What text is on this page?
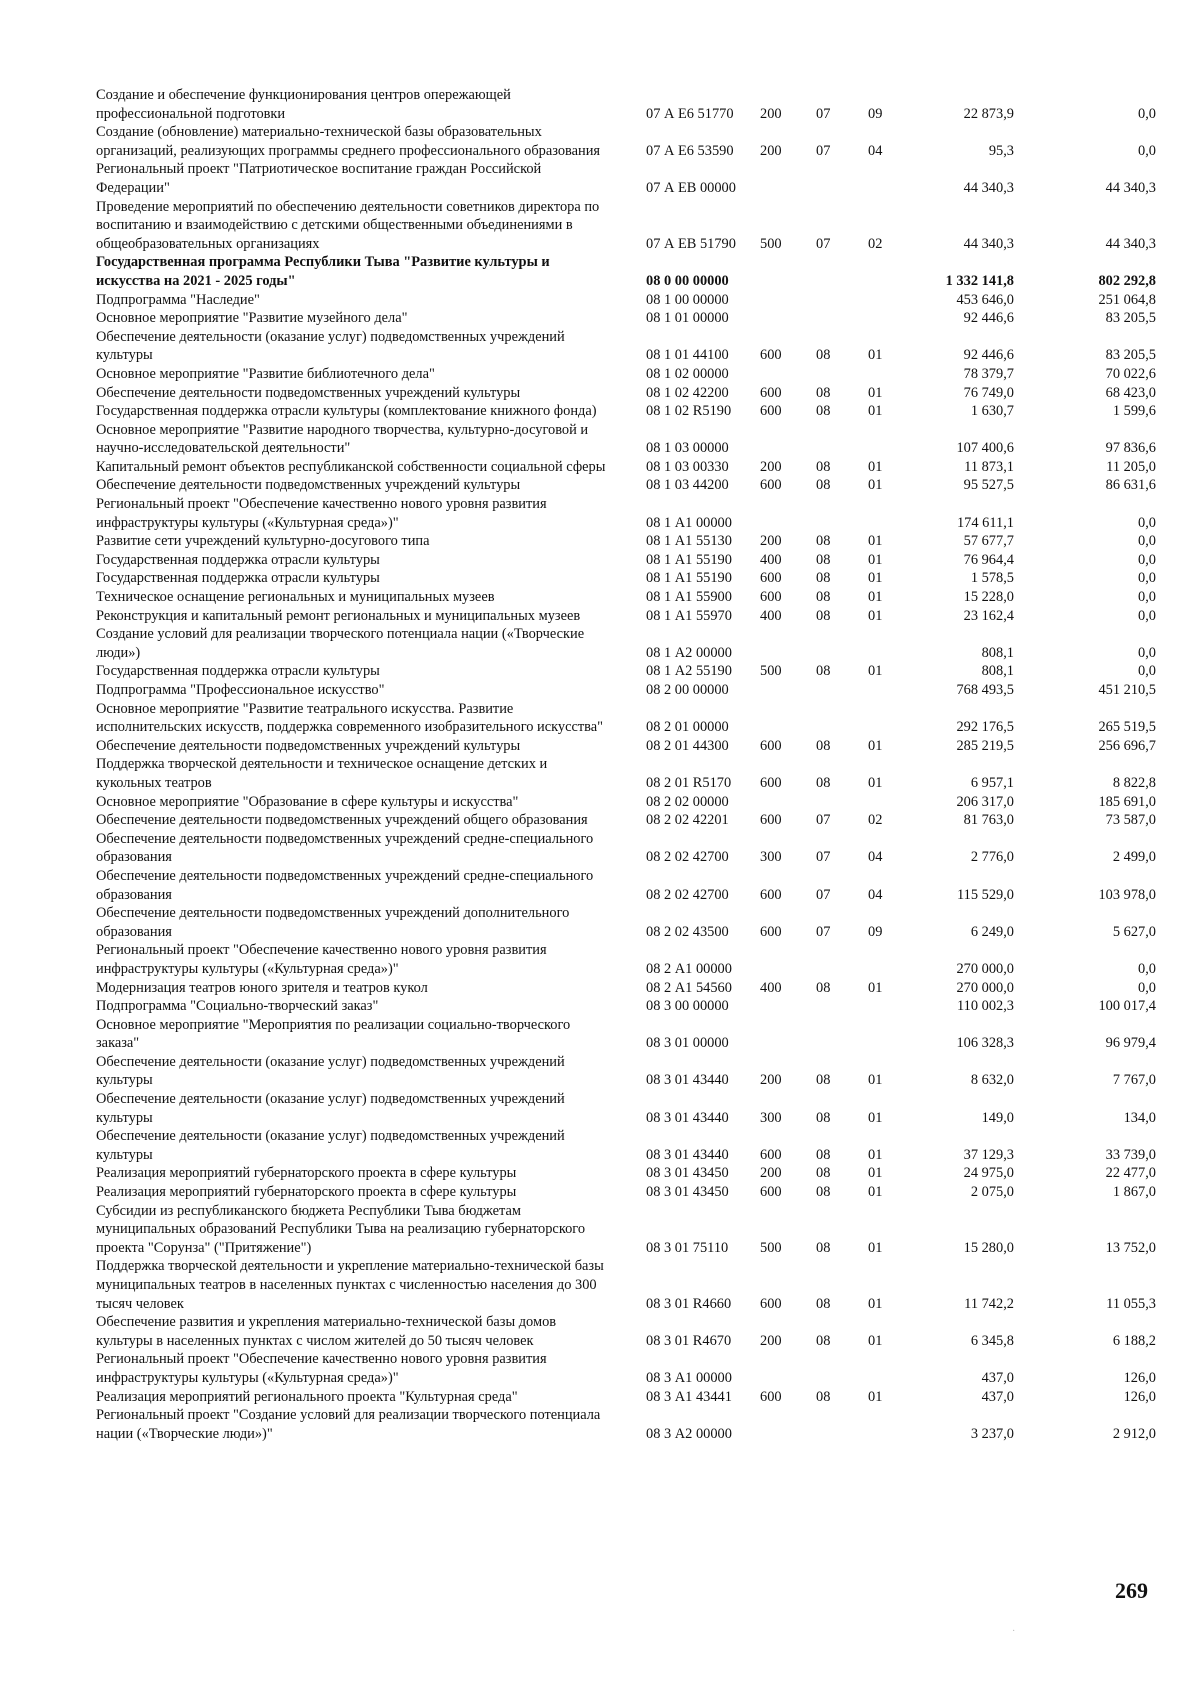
Создание и обеспечение функционирования центров опережающей профессиональной подготовки	07 А Е6 51770	200	07	09	22 873,9	0,0
Создание (обновление) материально-технической базы образовательных организаций, реализующих программы среднего профессионального образования	07 А Е6 53590	200	07	04	95,3	0,0
Региональный проект "Патриотическое воспитание граждан Российской Федерации"	07 А ЕВ 00000				44 340,3	44 340,3
Проведение мероприятий по обеспечению деятельности советников директора по воспитанию и взаимодействию с детскими общественными объединениями в общеобразовательных организациях	07 А ЕВ 51790	500	07	02	44 340,3	44 340,3
Государственная программа Республики Тыва "Развитие культуры и искусства на 2021 - 2025 годы"	08 0 00 00000				1 332 141,8	802 292,8
Подпрограмма "Наследие"	08 1 00 00000				453 646,0	251 064,8
Основное мероприятие "Развитие музейного дела"	08 1 01 00000				92 446,6	83 205,5
Обеспечение деятельности (оказание услуг) подведомственных учреждений культуры	08 1 01 44100	600	08	01	92 446,6	83 205,5
Основное мероприятие "Развитие библиотечного дела"	08 1 02 00000				78 379,7	70 022,6
Обеспечение деятельности подведомственных учреждений культуры	08 1 02 42200	600	08	01	76 749,0	68 423,0
Государственная поддержка отрасли культуры (комплектование книжного фонда)	08 1 02 R5190	600	08	01	1 630,7	1 599,6
Основное мероприятие "Развитие народного творчества, культурно-досуговой и научно-исследовательской деятельности"	08 1 03 00000				107 400,6	97 836,6
Капитальный ремонт объектов республиканской собственности социальной сферы	08 1 03 00330	200	08	01	11 873,1	11 205,0
Обеспечение деятельности подведомственных учреждений культуры	08 1 03 44200	600	08	01	95 527,5	86 631,6
Региональный проект "Обеспечение качественно нового уровня развития инфраструктуры культуры («Культурная среда»)"	08 1 А1 00000				174 611,1	0,0
Развитие сети учреждений культурно-досугового типа	08 1 А1 55130	200	08	01	57 677,7	0,0
Государственная поддержка отрасли культуры	08 1 А1 55190	400	08	01	76 964,4	0,0
Государственная поддержка отрасли культуры	08 1 А1 55190	600	08	01	1 578,5	0,0
Техническое оснащение региональных и муниципальных музеев	08 1 А1 55900	600	08	01	15 228,0	0,0
Реконструкция и капитальный ремонт региональных и муниципальных музеев	08 1 А1 55970	400	08	01	23 162,4	0,0
Создание условий для реализации творческого потенциала нации («Творческие люди»)	08 1 А2 00000				808,1	0,0
Государственная поддержка отрасли культуры	08 1 А2 55190	500	08	01	808,1	0,0
Подпрограмма "Профессиональное искусство"	08 2 00 00000				768 493,5	451 210,5
Основное мероприятие "Развитие театрального искусства. Развитие исполнительских искусств, поддержка современного изобразительного искусства"	08 2 01 00000				292 176,5	265 519,5
Обеспечение деятельности подведомственных учреждений культуры	08 2 01 44300	600	08	01	285 219,5	256 696,7
Поддержка творческой деятельности и техническое оснащение детских и кукольных театров	08 2 01 R5170	600	08	01	6 957,1	8 822,8
Основное мероприятие "Образование в сфере культуры и искусства"	08 2 02 00000				206 317,0	185 691,0
Обеспечение деятельности подведомственных учреждений общего образования	08 2 02 42201	600	07	02	81 763,0	73 587,0
Обеспечение деятельности подведомственных учреждений средне-специального образования	08 2 02 42700	300	07	04	2 776,0	2 499,0
Обеспечение деятельности подведомственных учреждений средне-специального образования	08 2 02 42700	600	07	04	115 529,0	103 978,0
Обеспечение деятельности подведомственных учреждений дополнительного образования	08 2 02 43500	600	07	09	6 249,0	5 627,0
Региональный проект "Обеспечение качественно нового уровня развития инфраструктуры культуры («Культурная среда»)"	08 2 А1 00000				270 000,0	0,0
Модернизация театров юного зрителя и театров кукол	08 2 А1 54560	400	08	01	270 000,0	0,0
Подпрограмма "Социально-творческий заказ"	08 3 00 00000				110 002,3	100 017,4
Основное мероприятие "Мероприятия по реализации социально-творческого заказа"	08 3 01 00000				106 328,3	96 979,4
Обеспечение деятельности (оказание услуг) подведомственных учреждений культуры	08 3 01 43440	200	08	01	8 632,0	7 767,0
Обеспечение деятельности (оказание услуг) подведомственных учреждений культуры	08 3 01 43440	300	08	01	149,0	134,0
Обеспечение деятельности (оказание услуг) подведомственных учреждений культуры	08 3 01 43440	600	08	01	37 129,3	33 739,0
Реализация мероприятий губернаторского проекта в сфере культуры	08 3 01 43450	200	08	01	24 975,0	22 477,0
Реализация мероприятий губернаторского проекта в сфере культуры	08 3 01 43450	600	08	01	2 075,0	1 867,0
Субсидии из республиканского бюджета Республики Тыва бюджетам муниципальных образований Республики Тыва на реализацию губернаторского проекта "Сорунза" ("Притяжение")	08 3 01 75110	500	08	01	15 280,0	13 752,0
Поддержка творческой деятельности и укрепление материально-технической базы муниципальных театров в населенных пунктах с численностью населения до 300 тысяч человек	08 3 01 R4660	600	08	01	11 742,2	11 055,3
Обеспечение развития и укрепления материально-технической базы домов культуры в населенных пунктах с числом жителей до 50 тысяч человек	08 3 01 R4670	200	08	01	6 345,8	6 188,2
Региональный проект "Обеспечение качественно нового уровня развития инфраструктуры культуры («Культурная среда»)"	08 3 А1 00000				437,0	126,0
Реализация мероприятий регионального проекта "Культурная среда"	08 3 А1 43441	600	08	01	437,0	126,0
Региональный проект "Создание условий для реализации творческого потенциала нации («Творческие люди»)"	08 3 А2 00000				3 237,0	2 912,0
269
·
